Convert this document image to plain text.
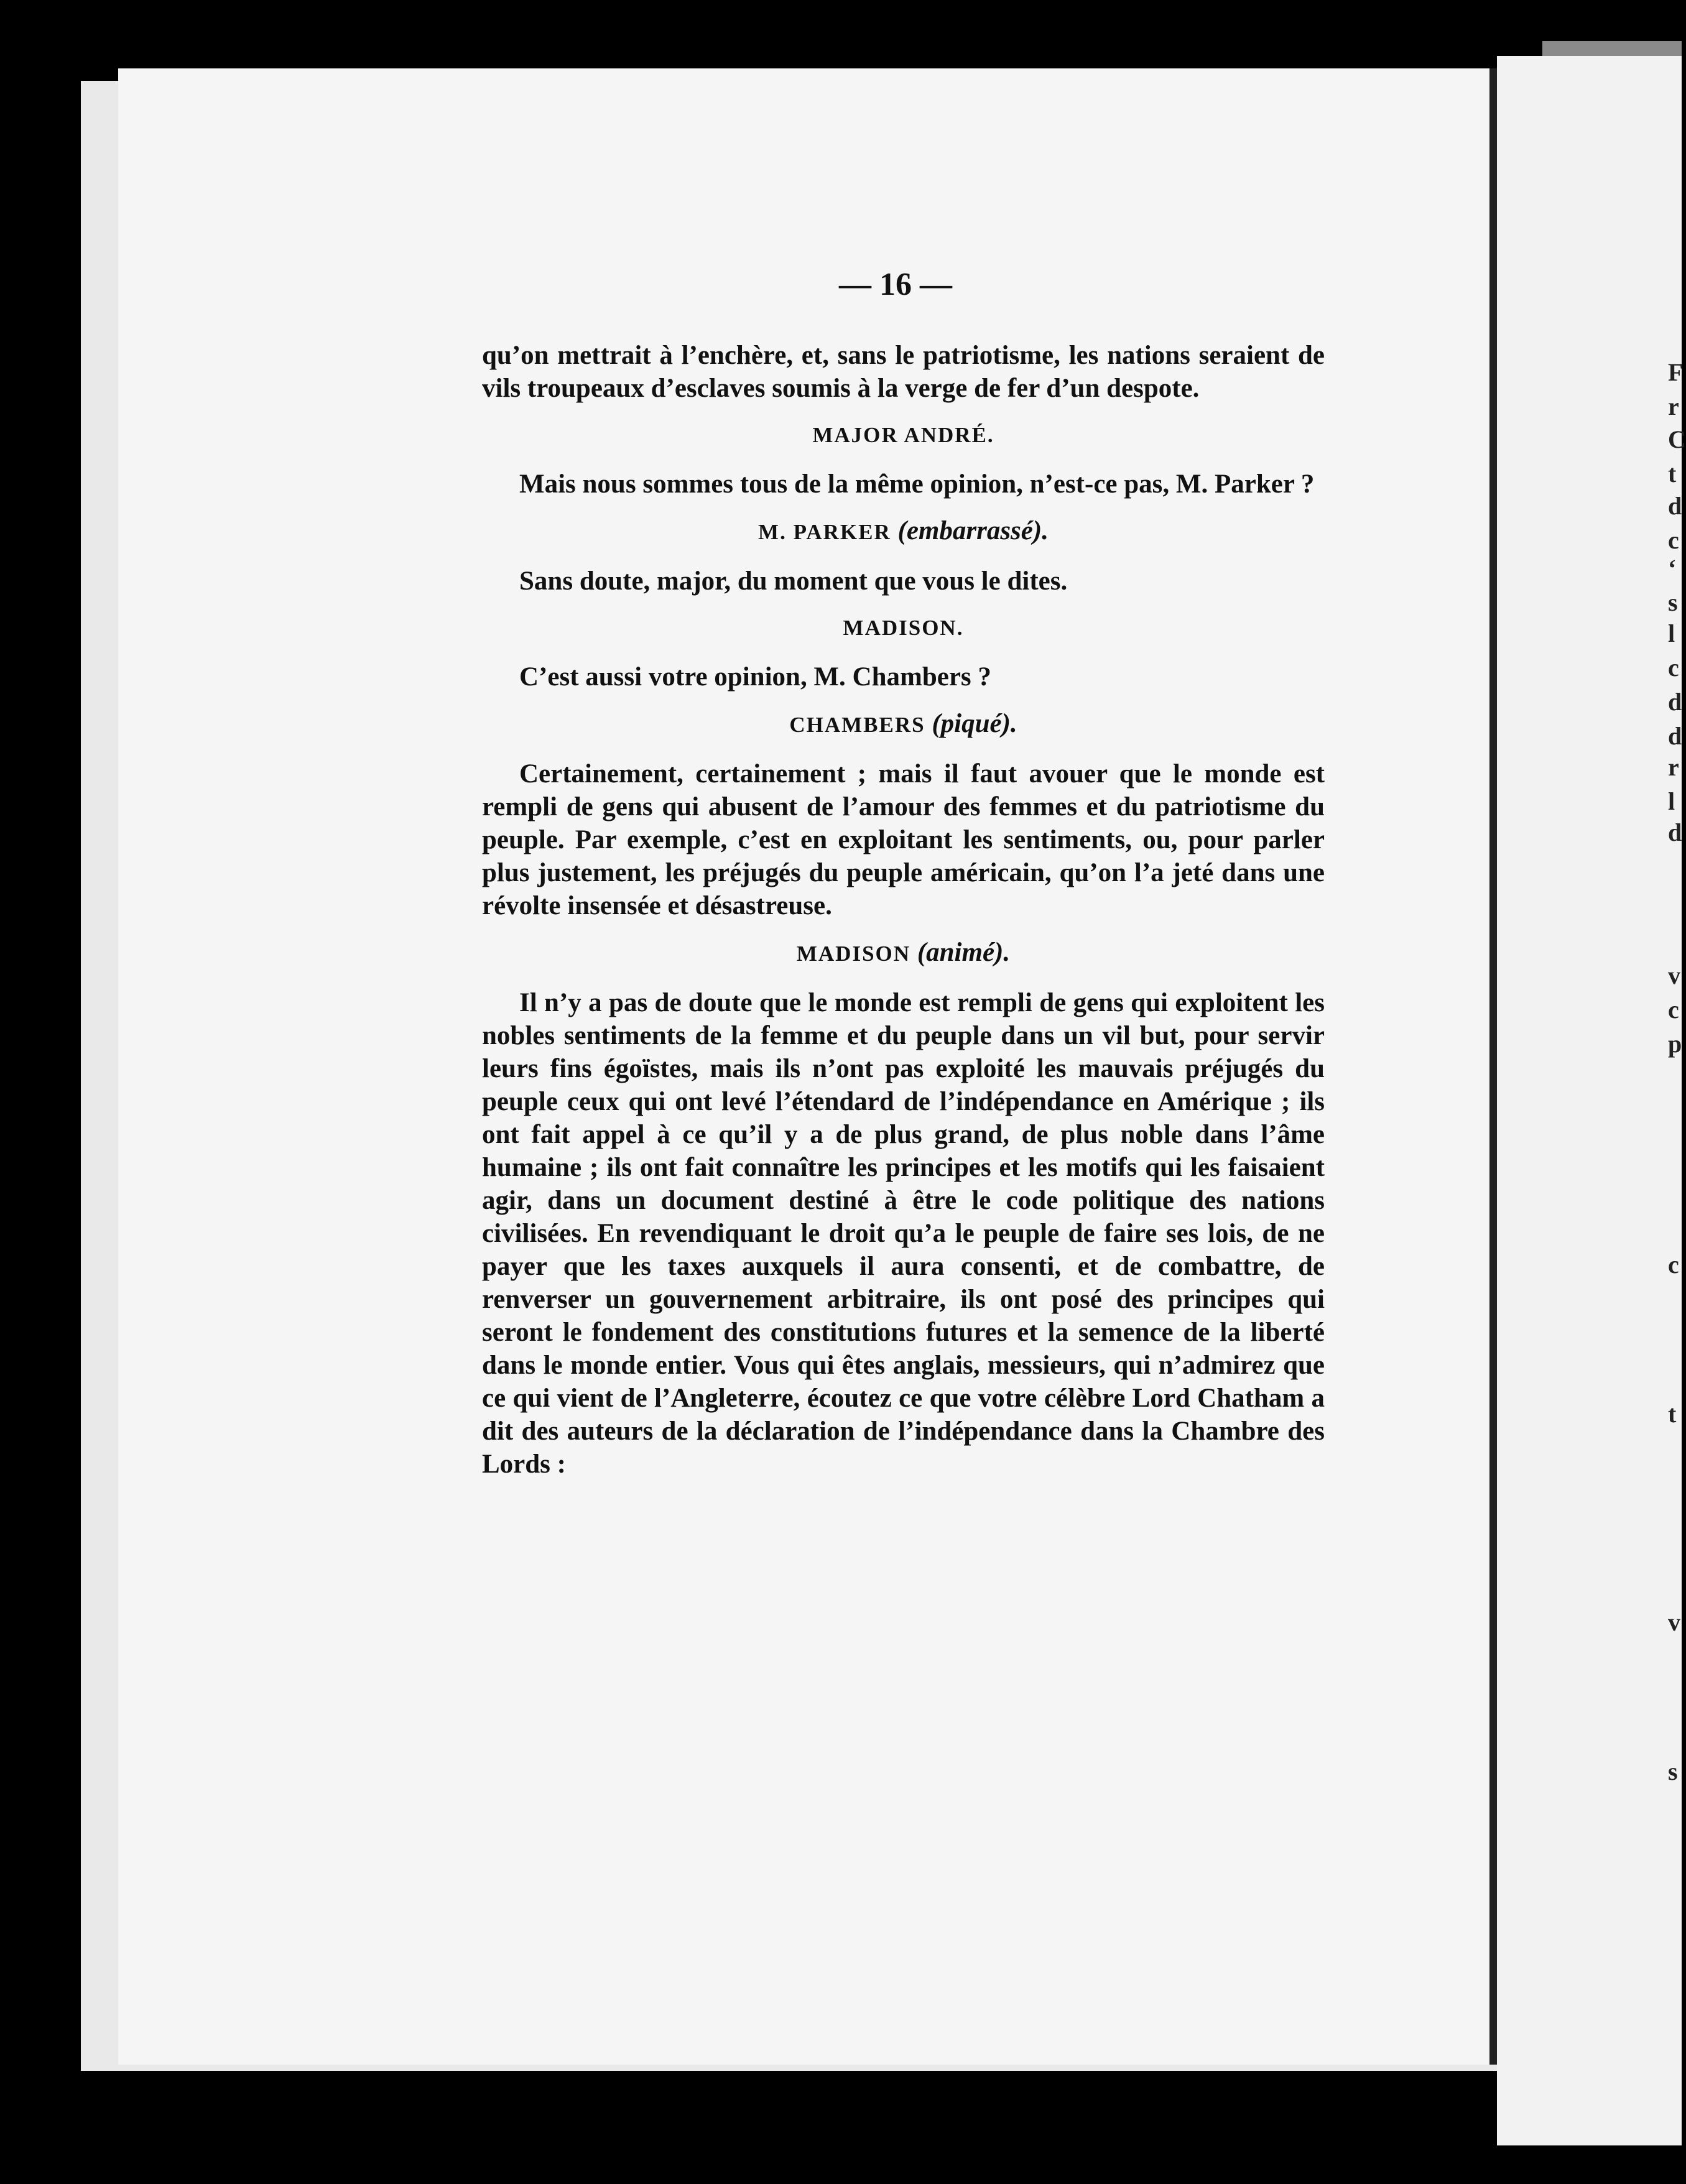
— 16 —

qu’on mettrait à l’enchère, et, sans le patriotisme, les nations seraient de vils troupeaux d’esclaves soumis à la verge de fer d’un despote.

MAJOR ANDRÉ.

Mais nous sommes tous de la même opinion, n’est-ce pas, M. Parker ?

M. PARKER (embarrassé).

Sans doute, major, du moment que vous le dites.

MADISON.

C’est aussi votre opinion, M. Chambers ?

CHAMBERS (piqué).

Certainement, certainement ; mais il faut avouer que le monde est rempli de gens qui abusent de l’amour des femmes et du patriotisme du peuple. Par exemple, c’est en exploitant les sentiments, ou, pour parler plus justement, les préjugés du peuple américain, qu’on l’a jeté dans une révolte insensée et désastreuse.

MADISON (animé).

Il n’y a pas de doute que le monde est rempli de gens qui exploitent les nobles sentiments de la femme et du peuple dans un vil but, pour servir leurs fins égoïstes, mais ils n’ont pas exploité les mauvais préjugés du peuple ceux qui ont levé l’étendard de l’indépendance en Amérique ; ils ont fait appel à ce qu’il y a de plus grand, de plus noble dans l’âme humaine ; ils ont fait connaître les principes et les motifs qui les faisaient agir, dans un document destiné à être le code politique des nations civilisées. En revendiquant le droit qu’a le peuple de faire ses lois, de ne payer que les taxes auxquels il aura consenti, et de combattre, de renverser un gouvernement arbitraire, ils ont posé des principes qui seront le fondement des constitutions futures et la semence de la liberté dans le monde entier. Vous qui êtes anglais, messieurs, qui n’admirez que ce qui vient de l’Angleterre, écoutez ce que votre célèbre Lord Chatham a dit des auteurs de la déclaration de l’indépendance dans la Chambre des Lords :

F
r
C
t
d
c
‘
s
l
c
d
d
r
l
d
v
c
p
c
t
v
s
